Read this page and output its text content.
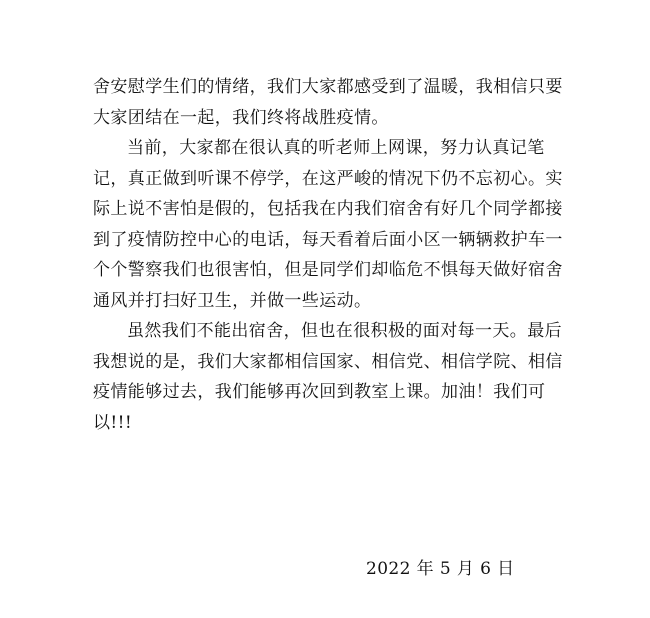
舍安慰学生们的情绪，我们大家都感受到了温暖，我相信只要大家团结在一起，我们终将战胜疫情。

当前，大家都在很认真的听老师上网课，努力认真记笔记，真正做到听课不停学，在这严峻的情况下仍不忘初心。实际上说不害怕是假的，包括我在内我们宿舍有好几个同学都接到了疫情防控中心的电话，每天看着后面小区一辆辆救护车一个个警察我们也很害怕，但是同学们却临危不惧每天做好宿舍通风并打扫好卫生，并做一些运动。

虽然我们不能出宿舍，但也在很积极的面对每一天。最后我想说的是，我们大家都相信国家、相信党、相信学院、相信疫情能够过去，我们能够再次回到教室上课。加油！我们可以!!!

2022 年 5 月 6 日
